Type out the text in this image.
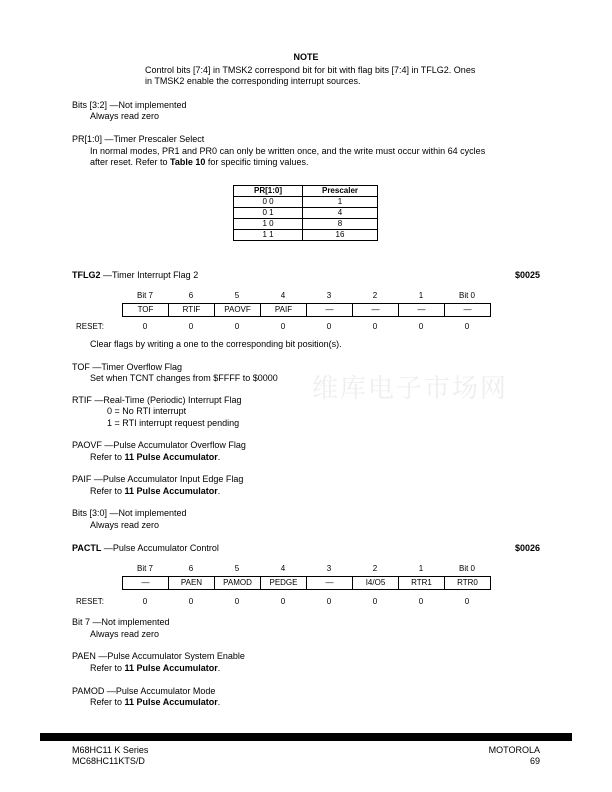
维库电子市场网
NOTE
Control bits [7:4] in TMSK2 correspond bit for bit with flag bits [7:4] in TFLG2. Ones
in TMSK2 enable the corresponding interrupt sources.
Bits [3:2] —Not implemented
Always read zero
PR[1:0] —Timer Prescaler Select
In normal modes, PR1 and PR0 can only be written once, and the write must occur within 64 cycles
after reset. Refer to Table 10 for specific timing values.
PR[1:0]	Prescaler
0 0	1
0 1	4
1 0	8
1 1	16
TFLG2 —Timer Interrupt Flag 2	$0025
Bit 7	6	5	4	3	2	1	Bit 0
TOF	RTIF	PAOVF	PAIF	—	—	—	—
RESET:	0	0	0	0	0	0	0	0
Clear flags by writing a one to the corresponding bit position(s).
TOF —Timer Overflow Flag
Set when TCNT changes from $FFFF to $0000
RTIF —Real-Time (Periodic) Interrupt Flag
0 = No RTI interrupt
1 = RTI interrupt request pending
PAOVF —Pulse Accumulator Overflow Flag
Refer to 11 Pulse Accumulator.
PAIF —Pulse Accumulator Input Edge Flag
Refer to 11 Pulse Accumulator.
Bits [3:0] —Not implemented
Always read zero
PACTL —Pulse Accumulator Control	$0026
Bit 7	6	5	4	3	2	1	Bit 0
—	PAEN	PAMOD	PEDGE	—	I4/O5	RTR1	RTR0
RESET:	0	0	0	0	0	0	0	0
Bit 7 —Not implemented
Always read zero
PAEN —Pulse Accumulator System Enable
Refer to 11 Pulse Accumulator.
PAMOD —Pulse Accumulator Mode
Refer to 11 Pulse Accumulator.
M68HC11 K Series
MC68HC11KTS/D
MOTOROLA
69
